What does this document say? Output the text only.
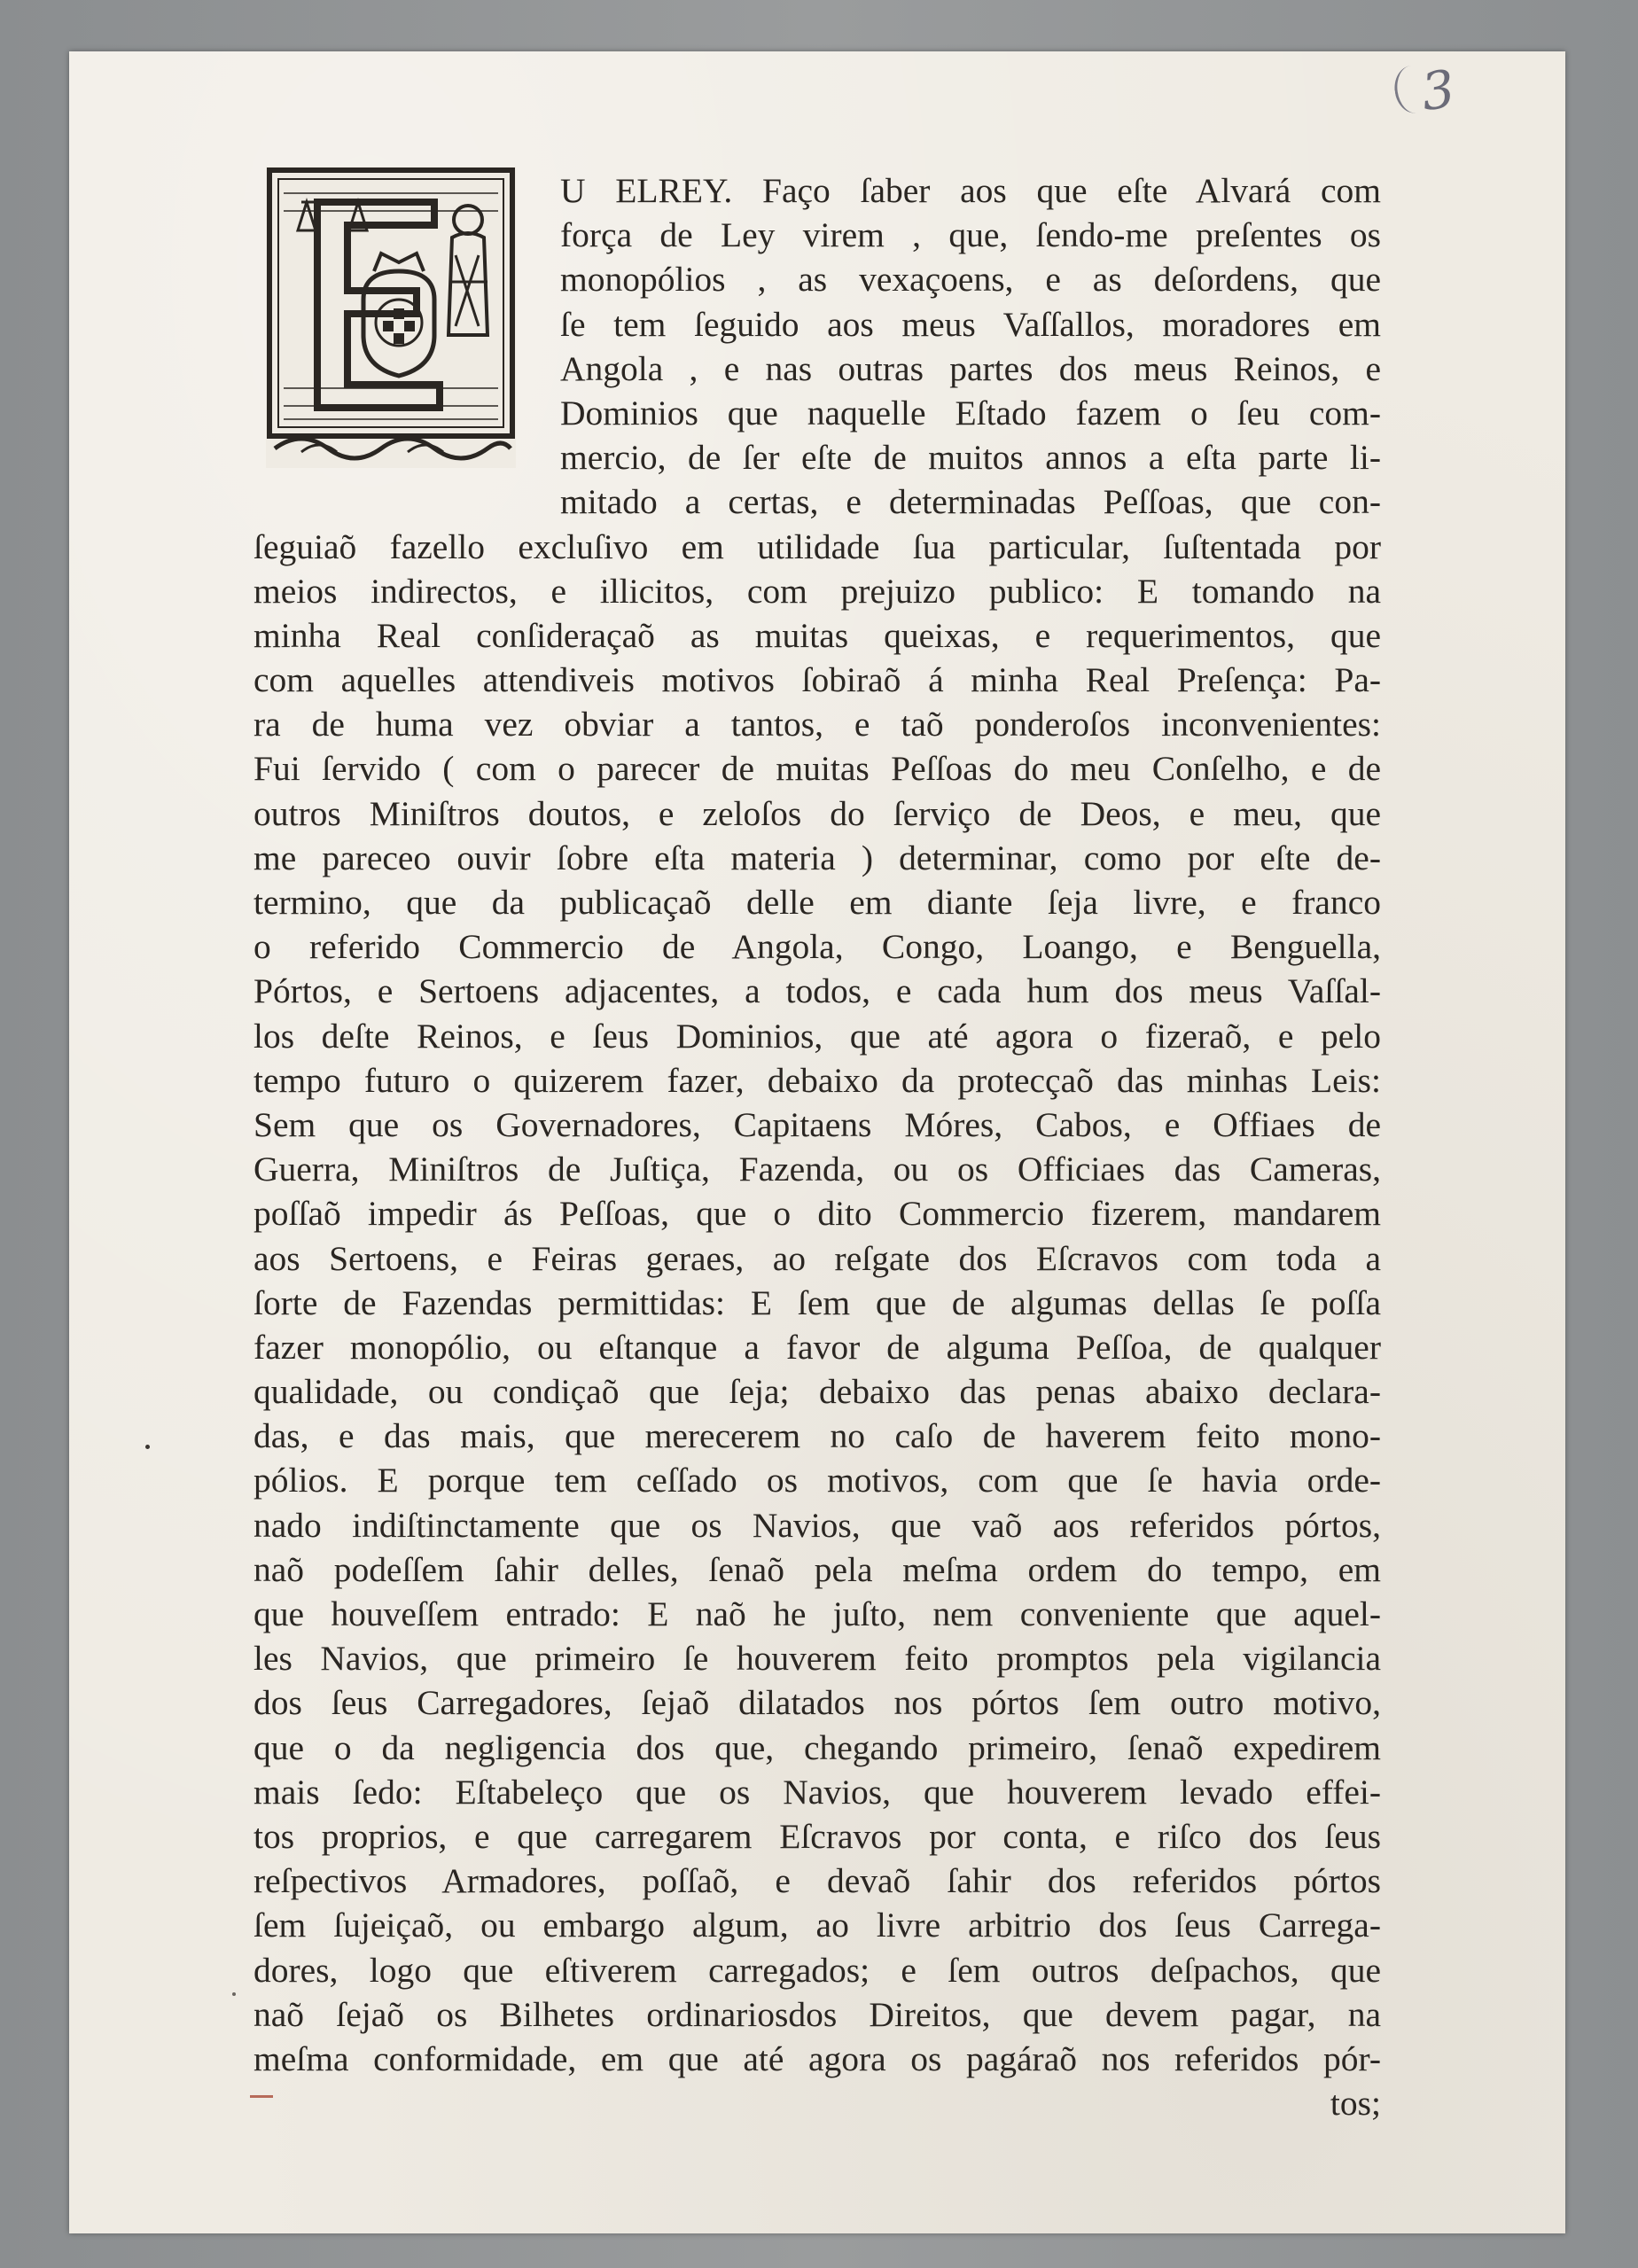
3
U ELREY. Faço ſaber aos que eſte Alvará com
força de Ley virem , que, ſendo-me preſentes os
monopólios , as vexaçoens, e as deſordens, que
ſe tem ſeguido aos meus Vaſſallos, moradores em
Angola , e nas outras partes dos meus Reinos, e
Dominios que naquelle Eſtado fazem o ſeu com-
mercio, de ſer eſte de muitos annos a eſta parte li-
mitado a certas, e determinadas Peſſoas, que con-
ſeguiaõ fazello excluſivo em utilidade ſua particular, ſuſtentada por
meios indirectos, e illicitos, com prejuizo publico: E tomando na
minha Real conſideraçaõ as muitas queixas, e requerimentos, que
com aquelles attendiveis motivos ſobiraõ á minha Real Preſença: Pa-
ra de huma vez obviar a tantos, e taõ ponderoſos inconvenientes:
Fui ſervido ( com o parecer de muitas Peſſoas do meu Conſelho, e de
outros Miniſtros doutos, e zeloſos do ſerviço de Deos, e meu, que
me pareceo ouvir ſobre eſta materia ) determinar, como por eſte de-
termino, que da publicaçaõ delle em diante ſeja livre, e franco
o referido Commercio de Angola, Congo, Loango, e Benguella,
Pórtos, e Sertoens adjacentes, a todos, e cada hum dos meus Vaſſal-
los deſte Reinos, e ſeus Dominios, que até agora o fizeraõ, e pelo
tempo futuro o quizerem fazer, debaixo da protecçaõ das minhas Leis:
Sem que os Governadores, Capitaens Móres, Cabos, e Offiaes de
Guerra, Miniſtros de Juſtiça, Fazenda, ou os Officiaes das Cameras,
poſſaõ impedir ás Peſſoas, que o dito Commercio fizerem, mandarem
aos Sertoens, e Feiras geraes, ao reſgate dos Eſcravos com toda a
ſorte de Fazendas permittidas: E ſem que de algumas dellas ſe poſſa
fazer monopólio, ou eſtanque a favor de alguma Peſſoa, de qualquer
qualidade, ou condiçaõ que ſeja; debaixo das penas abaixo declara-
das, e das mais, que merecerem no caſo de haverem feito mono-
pólios. E porque tem ceſſado os motivos, com que ſe havia orde-
nado indiſtinctamente que os Navios, que vaõ aos referidos pórtos,
naõ podeſſem ſahir delles, ſenaõ pela meſma ordem do tempo, em
que houveſſem entrado: E naõ he juſto, nem conveniente que aquel-
les Navios, que primeiro ſe houverem feito promptos pela vigilancia
dos ſeus Carregadores, ſejaõ dilatados nos pórtos ſem outro motivo,
que o da negligencia dos que, chegando primeiro, ſenaõ expedirem
mais ſedo: Eſtabeleço que os Navios, que houverem levado effei-
tos proprios, e que carregarem Eſcravos por conta, e riſco dos ſeus
reſpectivos Armadores, poſſaõ, e devaõ ſahir dos referidos pórtos
ſem ſujeiçaõ, ou embargo algum, ao livre arbitrio dos ſeus Carrega-
dores, logo que eſtiverem carregados; e ſem outros deſpachos, que
naõ ſejaõ os Bilhetes ordinariosdos Direitos, que devem pagar, na
meſma conformidade, em que até agora os pagáraõ nos referidos pór-
tos;
